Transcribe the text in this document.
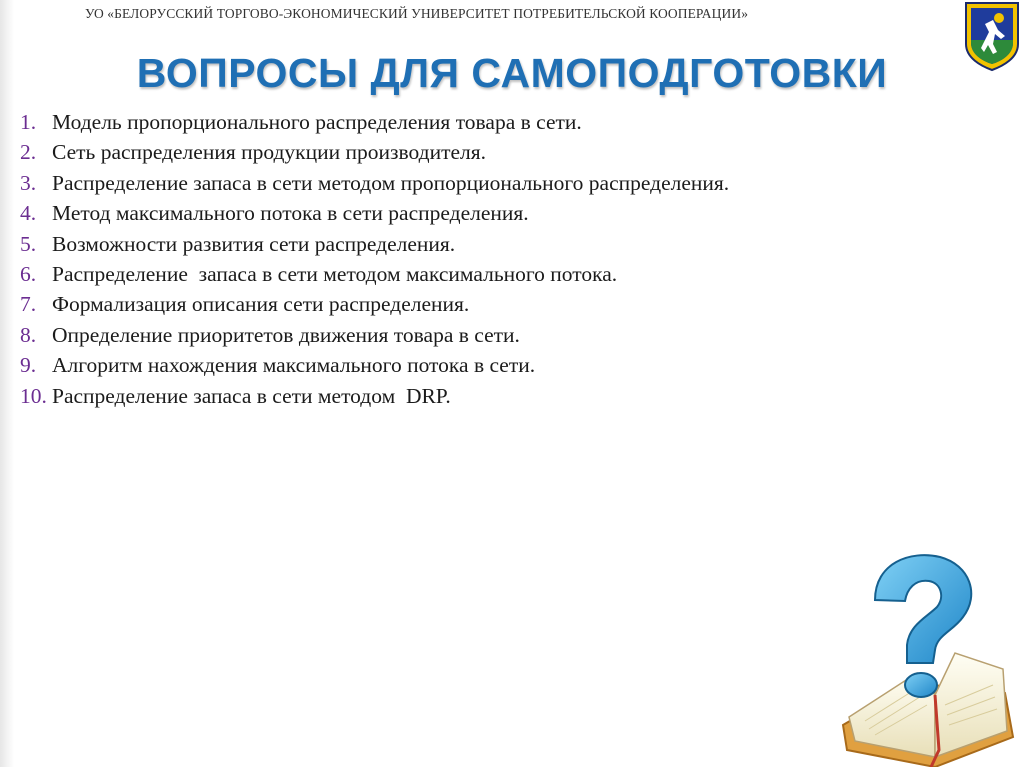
УО «БЕЛОРУССКИЙ ТОРГОВО-ЭКОНОМИЧЕСКИЙ УНИВЕРСИТЕТ ПОТРЕБИТЕЛЬСКОЙ КООПЕРАЦИИ»
ВОПРОСЫ ДЛЯ САМОПОДГОТОВКИ
1. Модель пропорционального распределения товара в сети.
2. Сеть распределения продукции производителя.
3. Распределение запаса в сети методом пропорционального распределения.
4. Метод максимального потока в сети распределения.
5. Возможности развития сети распределения.
6. Распределение  запаса в сети методом максимального потока.
7. Формализация описания сети распределения.
8. Определение приоритетов движения товара в сети.
9. Алгоритм нахождения максимального потока в сети.
10. Распределение запаса в сети методом  DRP.
